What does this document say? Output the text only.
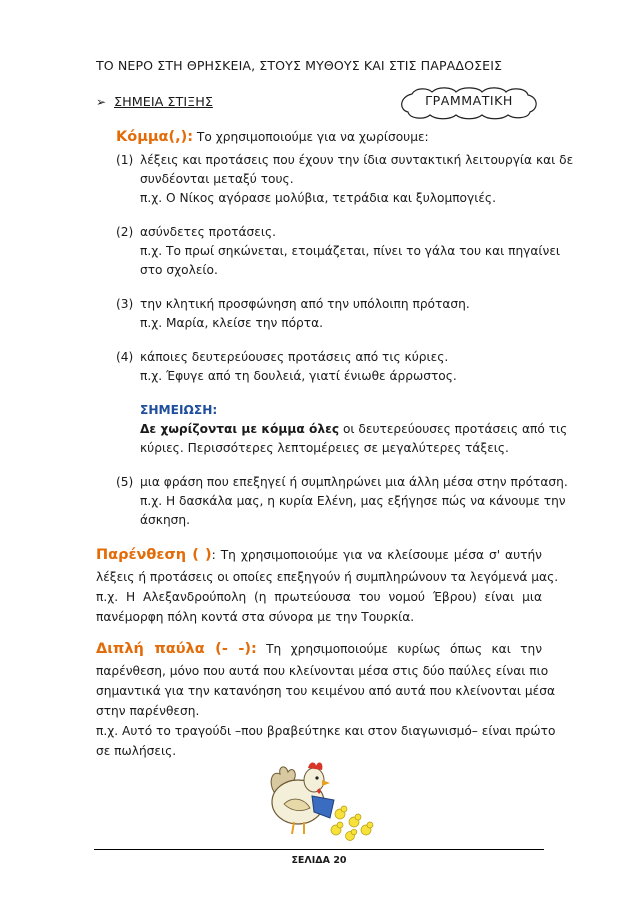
ΤΟ ΝΕΡΟ ΣΤΗ ΘΡΗΣΚΕΙΑ, ΣΤΟΥΣ ΜΥΘΟΥΣ ΚΑΙ ΣΤΙΣ ΠΑΡΑΔΟΣΕΙΣ
➢ ΣΗΜΕΙΑ ΣΤΙΞΗΣ	ΓΡΑΜΜΑΤΙΚΗ
Κόμμα(,): Το χρησιμοποιούμε για να χωρίσουμε:
(1) λέξεις και προτάσεις που έχουν την ίδια συντακτική λειτουργία και δε
συνδέονται μεταξύ τους.
π.χ. Ο Νίκος αγόρασε μολύβια, τετράδια και ξυλομπογιές.
(2) ασύνδετες προτάσεις.
π.χ. Το πρωί σηκώνεται, ετοιμάζεται, πίνει το γάλα του και πηγαίνει
στο σχολείο.
(3) την κλητική προσφώνηση από την υπόλοιπη πρόταση.
π.χ. Μαρία, κλείσε την πόρτα.
(4) κάποιες δευτερεύουσες προτάσεις από τις κύριες.
π.χ. Έφυγε από τη δουλειά, γιατί ένιωθε άρρωστος.
ΣΗΜΕΙΩΣΗ:
Δε χωρίζονται με κόμμα όλες οι δευτερεύουσες προτάσεις από τις
κύριες. Περισσότερες λεπτομέρειες σε μεγαλύτερες τάξεις.
(5) μια φράση που επεξηγεί ή συμπληρώνει μια άλλη μέσα στην πρόταση.
π.χ. Η δασκάλα μας, η κυρία Ελένη, μας εξήγησε πώς να κάνουμε την
άσκηση.
Παρένθεση ( ): Τη χρησιμοποιούμε για να κλείσουμε μέσα σ' αυτήν
λέξεις ή προτάσεις οι οποίες επεξηγούν ή συμπληρώνουν τα λεγόμενά μας.
π.χ. Η Αλεξανδρούπολη (η πρωτεύουσα του νομού Έβρου) είναι μια
πανέμορφη πόλη κοντά στα σύνορα με την Τουρκία.
Διπλή παύλα (- -): Τη χρησιμοποιούμε κυρίως όπως και την
παρένθεση, μόνο που αυτά που κλείνονται μέσα στις δύο παύλες είναι πιο
σημαντικά για την κατανόηση του κειμένου από αυτά που κλείνονται μέσα
στην παρένθεση.
π.χ. Αυτό το τραγούδι –που βραβεύτηκε και στον διαγωνισμό– είναι πρώτο
σε πωλήσεις.
ΣΕΛΙΔΑ 20
